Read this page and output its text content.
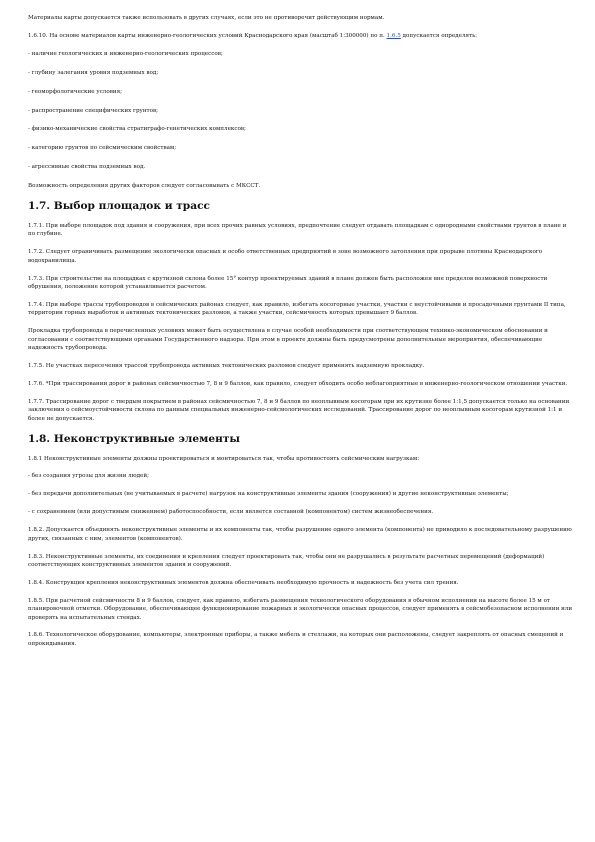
Материалы карты допускается также использовать в других случаях, если это не противоречит действующим нормам.

1.6.10. На основе материалов карты инженерно-геологических условий Краснодарского края (масштаб 1:300000) по п. 1.6.5 допускается определять:

- наличие геологических и инженерно-геологических процессов;

- глубину залегания уровня подземных вод;

- геоморфологические условия;

- распространение специфических грунтов;

- физико-механические свойства стратиграфо-генетических комплексов;

- категорию грунтов по сейсмическим свойствам;

- агрессивные свойства подземных вод.

Возможность определения других факторов следует согласовывать с МКССТ.

1.7. Выбор площадок и трасс

1.7.1. При выборе площадок под здания и сооружения, при всех прочих равных условиях, предпочтение следует отдавать площадкам с однородными свойствами грунтов в плане и по глубине.

1.7.2. Следует ограничивать размещение экологически опасных и особо ответственных предприятий в зоне возможного затопления при прорыве плотины Краснодарского водохранилища.

1.7.3. При строительстве на площадках с крутизной склона более 15° контур проектируемых зданий в плане должен быть расположен вне пределов возможной поверхности обрушения, положение которой устанавливается расчетом.

1.7.4. При выборе трассы трубопроводов в сейсмических районах следует, как правило, избегать косогорные участки, участки с неустойчивыми и просадочными грунтами II типа, территории горных выработок и активных тектонических разломов, а также участки, сейсмичность которых превышает 9 баллов.

Прокладка трубопровода в перечисленных условиях может быть осуществлена в случае особой необходимости при соответствующем технико-экономическом обосновании и согласовании с соответствующими органами Государственного надзора. При этом в проекте должны быть предусмотрены дополнительные мероприятия, обеспечивающие надежность трубопровода.

1.7.5. Не участках пересечения трассой трубопровода активных тектонических разломов следует применять надземную прокладку.

1.7.6. *При трассировании дорог в районах сейсмичностью 7, 8 и 9 баллов, как правило, следует обходить особо неблагоприятные в инженерно-геологическом отношении участки.

1.7.7. Трассирование дорог с твердым покрытием в районах сейсмичностью 7, 8 и 9 баллов по неоплывным косогорам при их крутизне более 1:1,5 допускается только на основании заключения о сейсмоустойчивости склона по данным специальных инженерно-сейсмологических исследований. Трассирование дорог по неоплывным косогорам крутизной 1:1 и более не допускается.

1.8. Неконструктивные элементы

1.8.1 Неконструктивные элементы должны проектироваться и монтироваться так, чтобы противостоять сейсмическим нагрузкам:

- без создания угрозы для жизни людей;

- без передачи дополнительных (не учитываемых в расчете) нагрузок на конструктивные элементы здания (сооружения) и другие неконструктивные элементы;

- с сохранением (или допустимым снижением) работоспособности, если является составной (компонентом) систем жизнеобеспечения.

1.8.2. Допускается объединять неконструктивные элементы и их компоненты так, чтобы разрушение одного элемента (компонента) не приводило к последовательному разрушению других, связанных с ним, элементов (компонентов).

1.8.3. Неконструктивные элементы, их соединения и крепления следует проектировать так, чтобы они не разрушались в результате расчетных перемещений (деформаций) соответствующих конструктивных элементов здания и сооружений.

1.8.4. Конструкция крепления неконструктивных элементов должна обеспечивать необходимую прочность и надежность без учета сил трения.

1.8.5. При расчетной сейсмичности 8 и 9 баллов, следует, как правило, избегать размещения технологического оборудования в обычном исполнении на высоте более 15 м от планировочной отметки. Оборудование, обеспечивающее функционирование пожарных и экологически опасных процессов, следует применять в сейсмобезопасном исполнении или проверять на испытательных стендах.

1.8.6. Технологическое оборудование, компьютеры, электронные приборы, а также мебель и стеллажи, на которых они расположены, следует закреплять от опасных смещений и опрокидывания.
